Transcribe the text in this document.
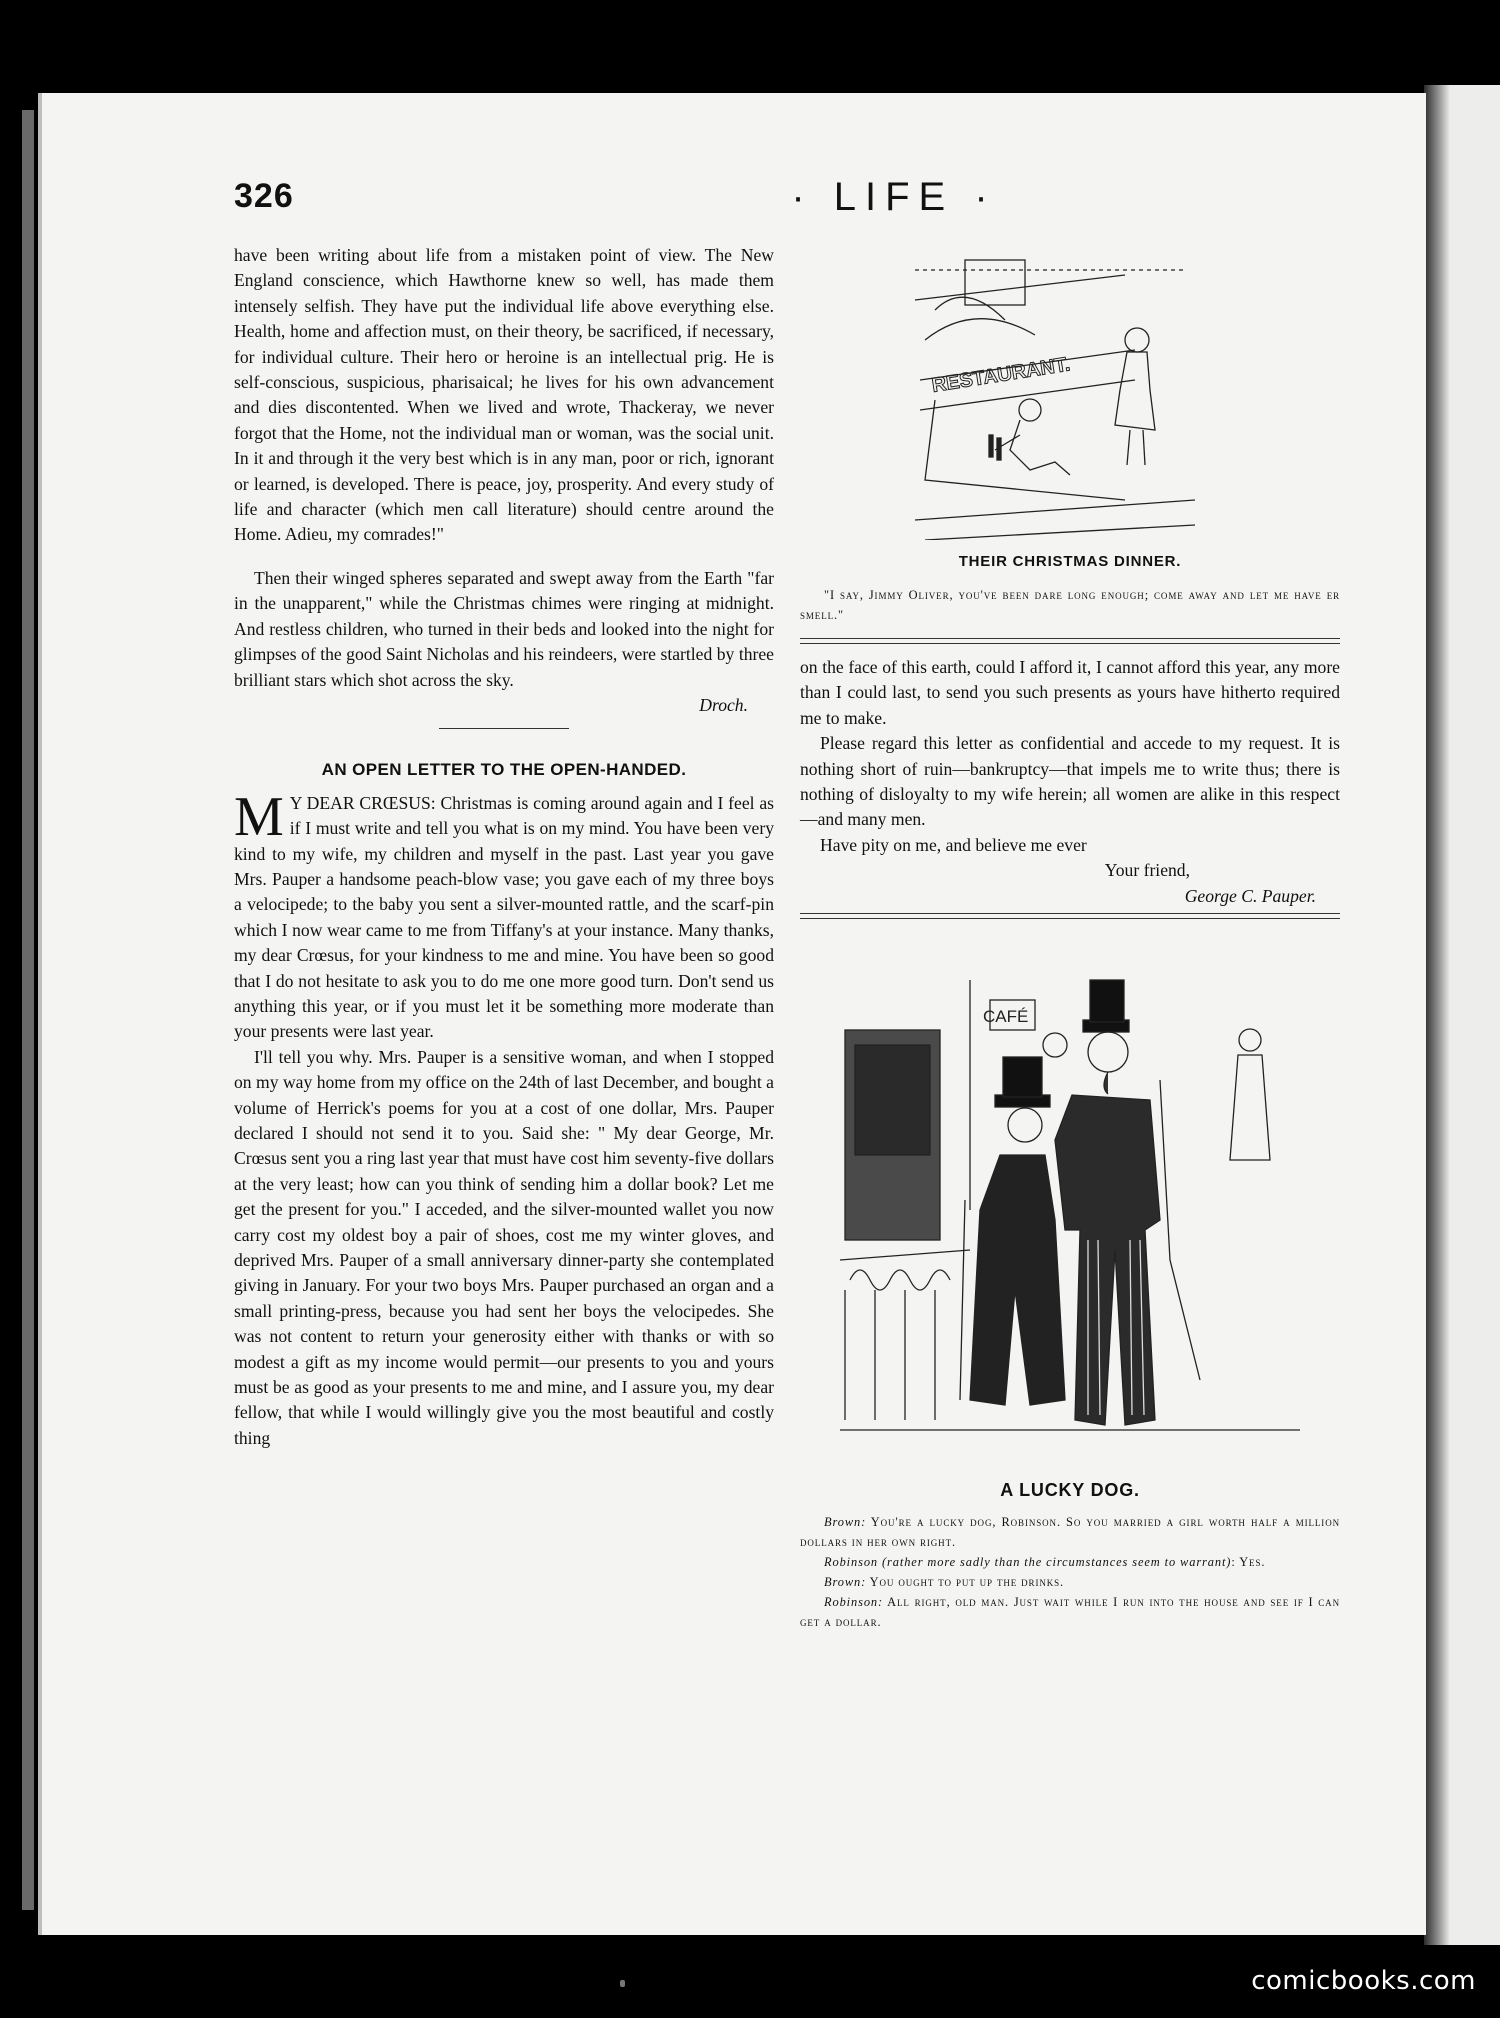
326	· LIFE ·

have been writing about life from a mistaken point of view. The New England conscience, which Hawthorne knew so well, has made them intensely selfish. They have put the individual life above everything else. Health, home and affection must, on their theory, be sacrificed, if necessary, for individual culture. Their hero or heroine is an intellectual prig. He is self-conscious, suspicious, pharisaical; he lives for his own advancement and dies discontented. When we lived and wrote, Thackeray, we never forgot that the Home, not the individual man or woman, was the social unit. In it and through it the very best which is in any man, poor or rich, ignorant or learned, is developed. There is peace, joy, prosperity. And every study of life and character (which men call literature) should centre around the Home. Adieu, my comrades!"

Then their winged spheres separated and swept away from the Earth "far in the unapparent," while the Christmas chimes were ringing at midnight. And restless children, who turned in their beds and looked into the night for glimpses of the good Saint Nicholas and his reindeers, were startled by three brilliant stars which shot across the sky.

Droch.
AN OPEN LETTER TO THE OPEN-HANDED.

M Y DEAR CRŒSUS: Christmas is coming around again and I feel as if I must write and tell you what is on my mind. You have been very kind to my wife, my children and myself in the past. Last year you gave Mrs. Pauper a handsome peach-blow vase; you gave each of my three boys a velocipede; to the baby you sent a silver-mounted rattle, and the scarf-pin which I now wear came to me from Tiffany's at your instance. Many thanks, my dear Crœsus, for your kindness to me and mine. You have been so good that I do not hesitate to ask you to do me one more good turn. Don't send us anything this year, or if you must let it be something more moderate than your presents were last year.

I'll tell you why. Mrs. Pauper is a sensitive woman, and when I stopped on my way home from my office on the 24th of last December, and bought a volume of Herrick's poems for you at a cost of one dollar, Mrs. Pauper declared I should not send it to you. Said she: " My dear George, Mr. Crœsus sent you a ring last year that must have cost him seventy-five dollars at the very least; how can you think of sending him a dollar book? Let me get the present for you." I acceded, and the silver-mounted wallet you now carry cost my oldest boy a pair of shoes, cost me my winter gloves, and deprived Mrs. Pauper of a small anniversary dinner-party she contemplated giving in January. For your two boys Mrs. Pauper purchased an organ and a small printing-press, because you had sent her boys the velocipedes. She was not content to return your generosity either with thanks or with so modest a gift as my income would permit—our presents to you and yours must be as good as your presents to me and mine, and I assure you, my dear fellow, that while I would willingly give you the most beautiful and costly thing

RESTAURANT.
THEIR CHRISTMAS DINNER.
"I say, Jimmy Oliver, you've been dare long enough; come away and let me have er smell."

on the face of this earth, could I afford it, I cannot afford this year, any more than I could last, to send you such presents as yours have hitherto required me to make.

Please regard this letter as confidential and accede to my request. It is nothing short of ruin—bankruptcy—that impels me to write thus; there is nothing of disloyalty to my wife herein; all women are alike in this respect—and many men.

Have pity on me, and believe me ever

Your friend,
George C. Pauper.
CAFÉ
A LUCKY DOG.
Brown: You're a lucky dog, Robinson. So you married a girl worth half a million dollars in her own right.
Robinson (rather more sadly than the circumstances seem to warrant): Yes.
Brown: You ought to put up the drinks.
Robinson: All right, old man. Just wait while I run into the house and see if I can get a dollar.
comicbooks.com
